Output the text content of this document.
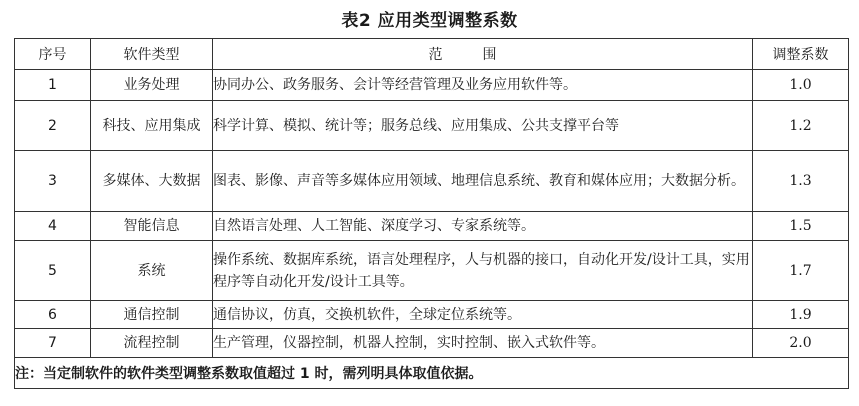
表2 应用类型调整系数
序号	软件类型	范围	调整系数
1	业务处理	协同办公、政务服务、会计等经营管理及业务应用软件等。	1.0
2	科技、应用集成	科学计算、模拟、统计等；服务总线、应用集成、公共支撑平台等	1.2
3	多媒体、大数据	图表、影像、声音等多媒体应用领域、地理信息系统、教育和媒体应用；大数据分析。	1.3
4	智能信息	自然语言处理、人工智能、深度学习、专家系统等。	1.5
5	系统	操作系统、数据库系统，语言处理程序，人与机器的接口，自动化开发/设计工具，实用程序等自动化开发/设计工具等。	1.7
6	通信控制	通信协议，仿真，交换机软件，全球定位系统等。	1.9
7	流程控制	生产管理，仪器控制，机器人控制，实时控制、嵌入式软件等。	2.0
注：当定制软件的软件类型调整系数取值超过 1 时，需列明具体取值依据。			
